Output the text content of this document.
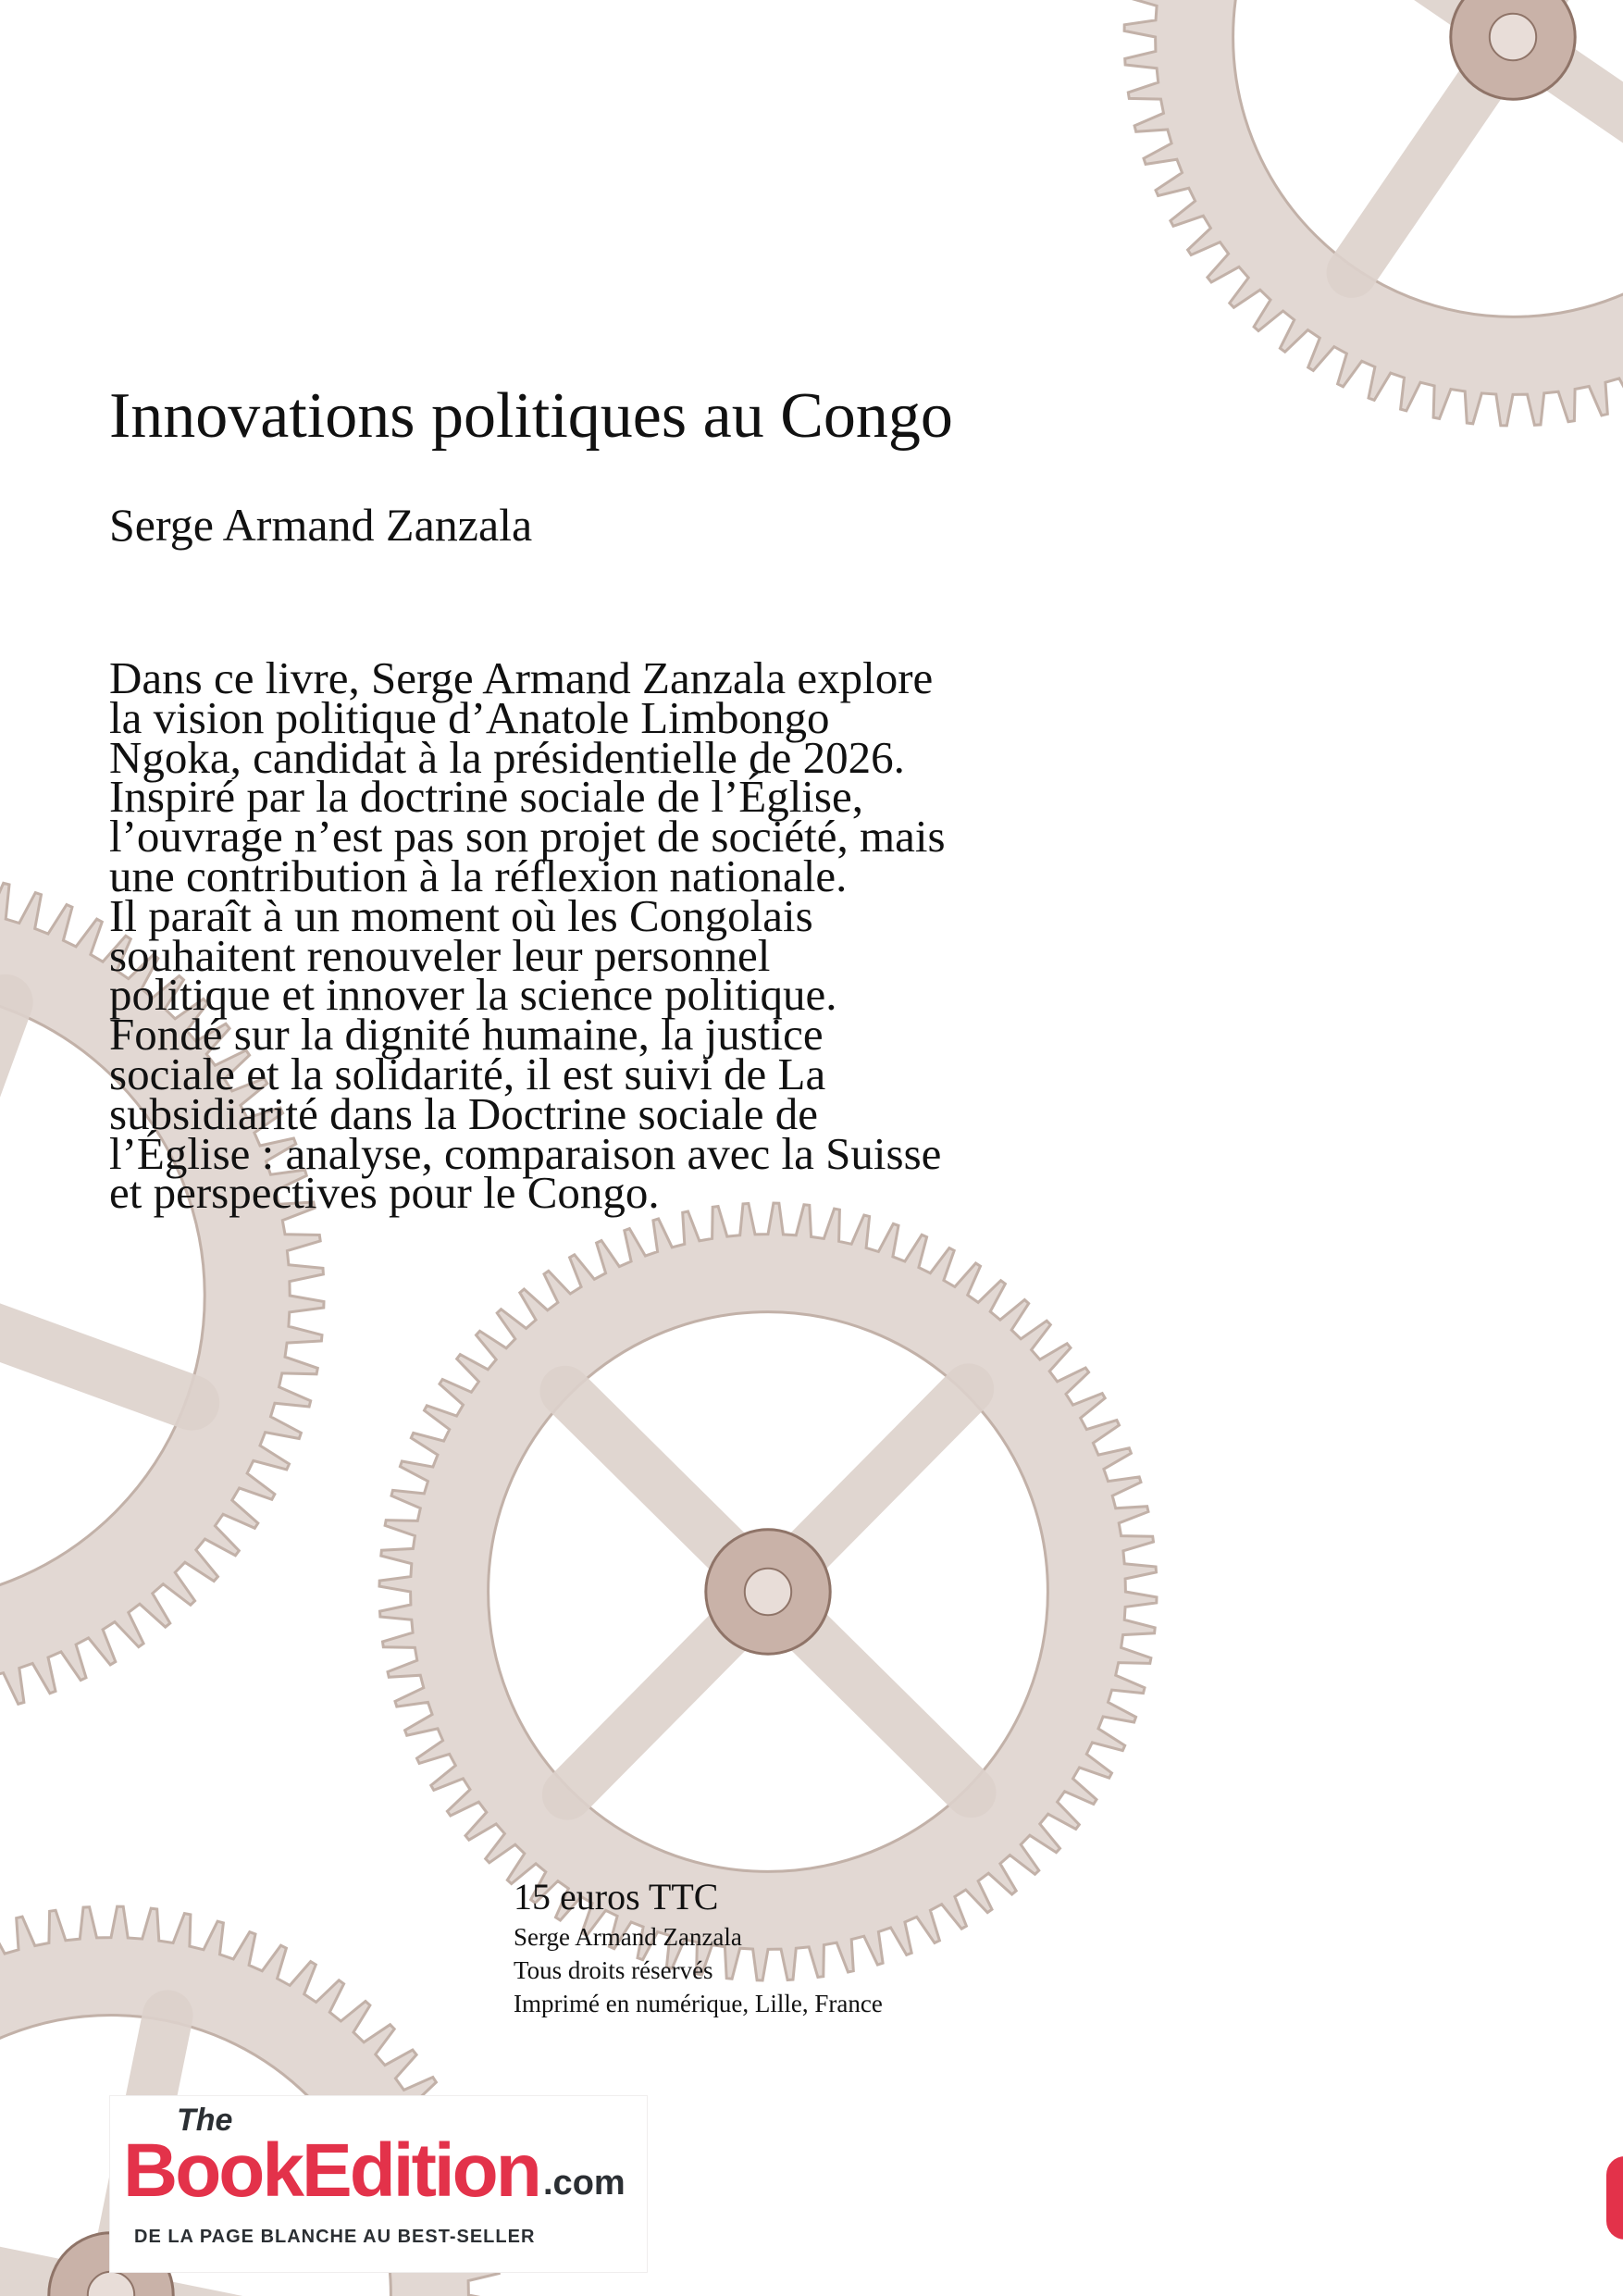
Innovations politiques au Congo
Serge Armand Zanzala
Dans ce livre, Serge Armand Zanzala explore
la vision politique d’Anatole Limbongo
Ngoka, candidat à la présidentielle de 2026.
Inspiré par la doctrine sociale de l’Église,
l’ouvrage n’est pas son projet de société, mais
une contribution à la réflexion nationale.
Il paraît à un moment où les Congolais
souhaitent renouveler leur personnel
politique et innover la science politique.
Fondé sur la dignité humaine, la justice
sociale et la solidarité, il est suivi de La
subsidiarité dans la Doctrine sociale de
l’Église : analyse, comparaison avec la Suisse
et perspectives pour le Congo.
15 euros TTC
Serge Armand Zanzala
Tous droits réservés
Imprimé en numérique, Lille, France
The
BookEdition .com
DE LA PAGE BLANCHE AU BEST-SELLER
